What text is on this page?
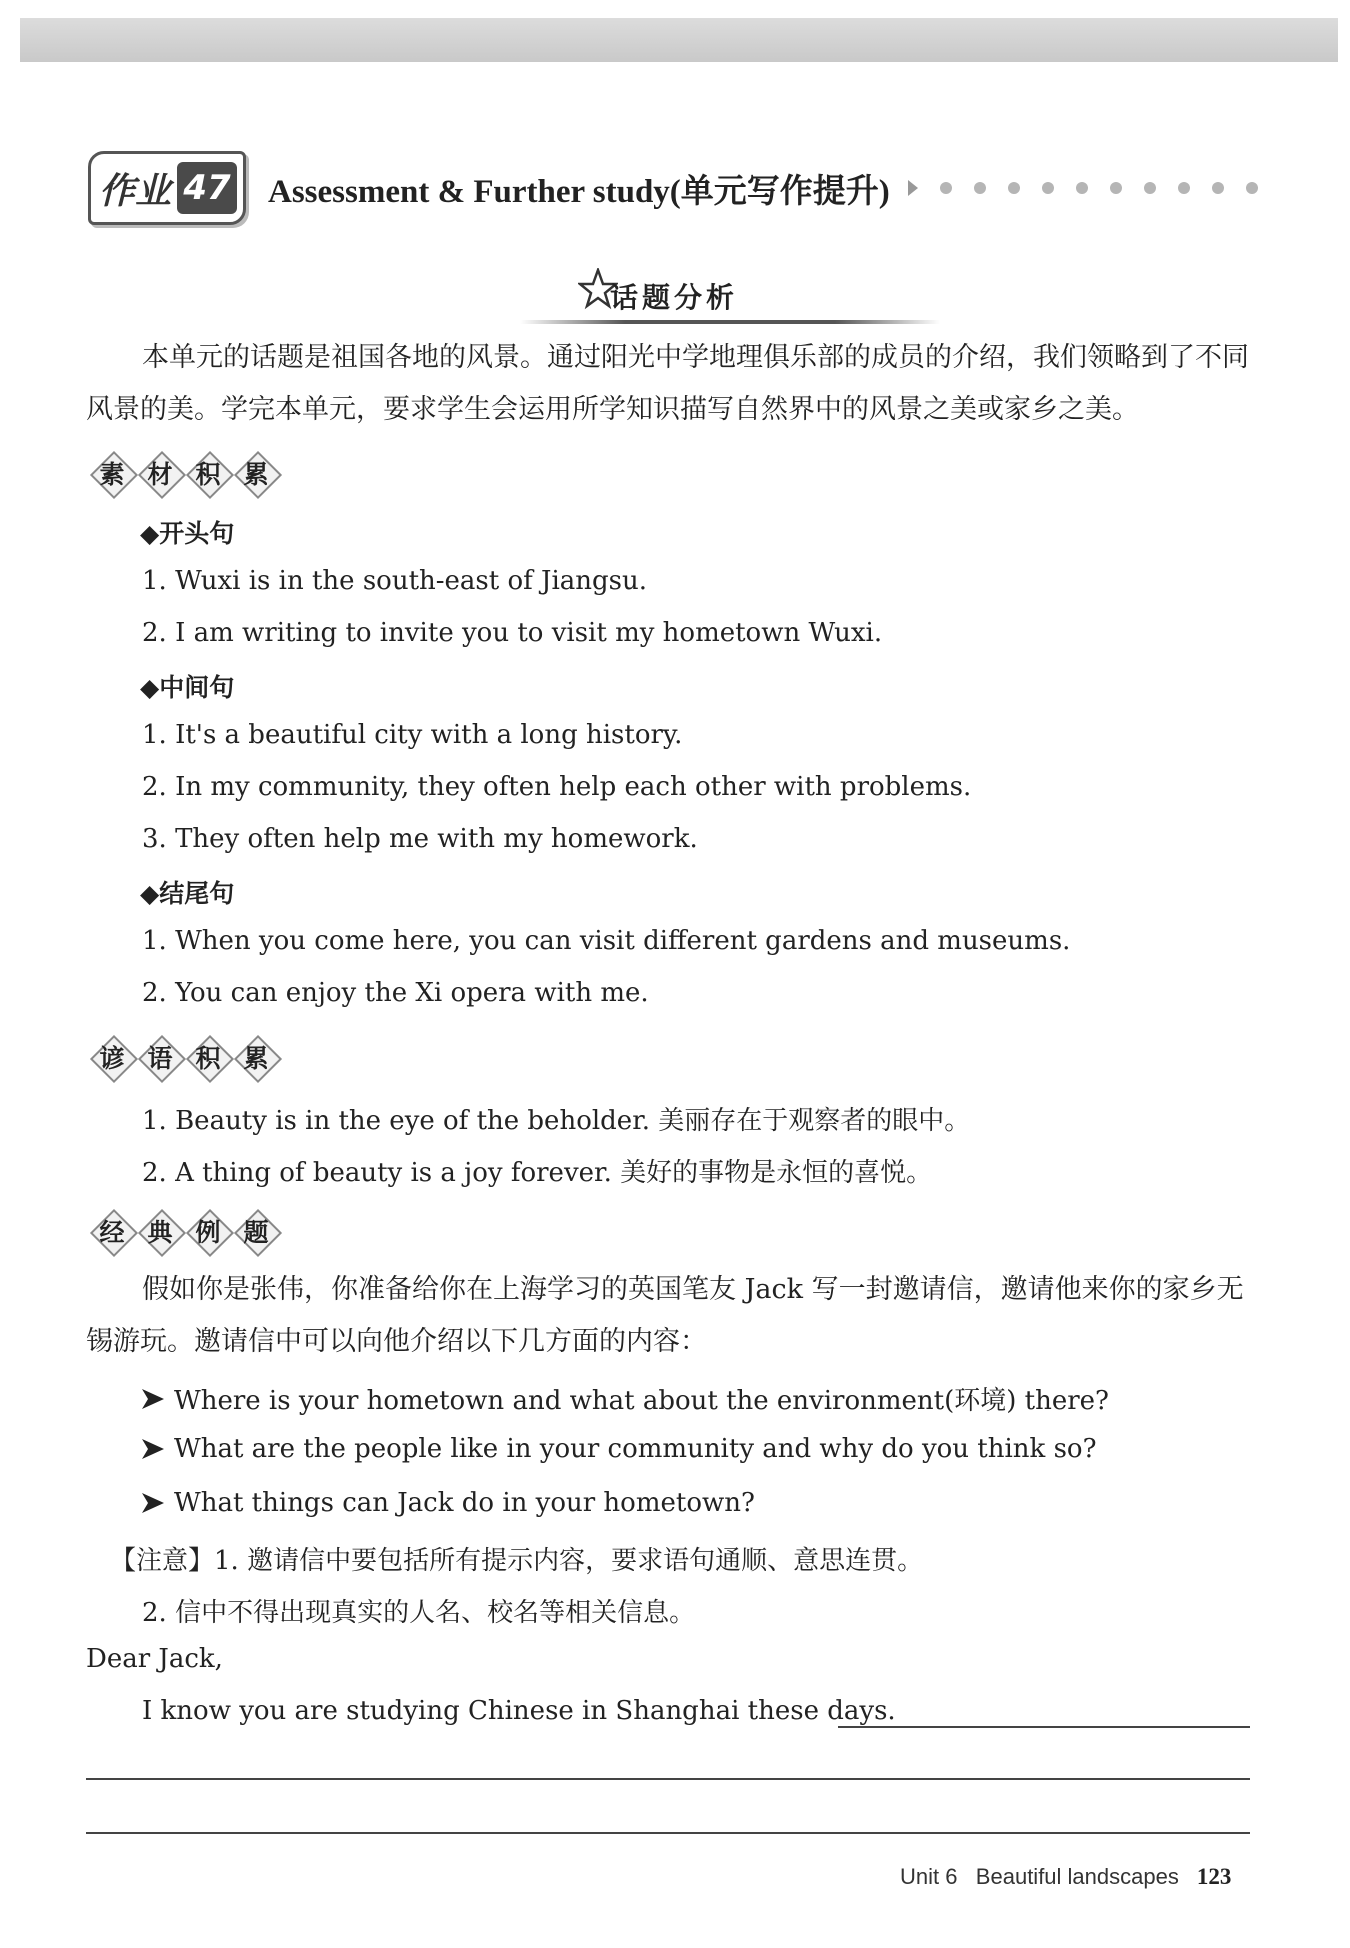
作业 47 Assessment & Further study(单元写作提升)
话题分析

本单元的话题是祖国各地的风景。通过阳光中学地理俱乐部的成员的介绍，我们领略到了不同风景的美。学完本单元，要求学生会运用所学知识描写自然界中的风景之美或家乡之美。

素 材 积 累
◆开头句
1. Wuxi is in the south-east of Jiangsu.
2. I am writing to invite you to visit my hometown Wuxi.
◆中间句
1. It's a beautiful city with a long history.
2. In my community, they often help each other with problems.
3. They often help me with my homework.
◆结尾句
1. When you come here, you can visit different gardens and museums.
2. You can enjoy the Xi opera with me.
谚 语 积 累
1. Beauty is in the eye of the beholder. 美丽存在于观察者的眼中。
2. A thing of beauty is a joy forever. 美好的事物是永恒的喜悦。
经 典 例 题

假如你是张伟，你准备给你在上海学习的英国笔友 Jack 写一封邀请信，邀请他来你的家乡无锡游玩。邀请信中可以向他介绍以下几方面的内容：

Where is your hometown and what about the environment(环境) there?
What are the people like in your community and why do you think so?
What things can Jack do in your hometown?
【注意】1. 邀请信中要包括所有提示内容，要求语句通顺、意思连贯。
2. 信中不得出现真实的人名、校名等相关信息。
Dear Jack,
I know you are studying Chinese in Shanghai these days.
Unit 6   Beautiful landscapes 123
